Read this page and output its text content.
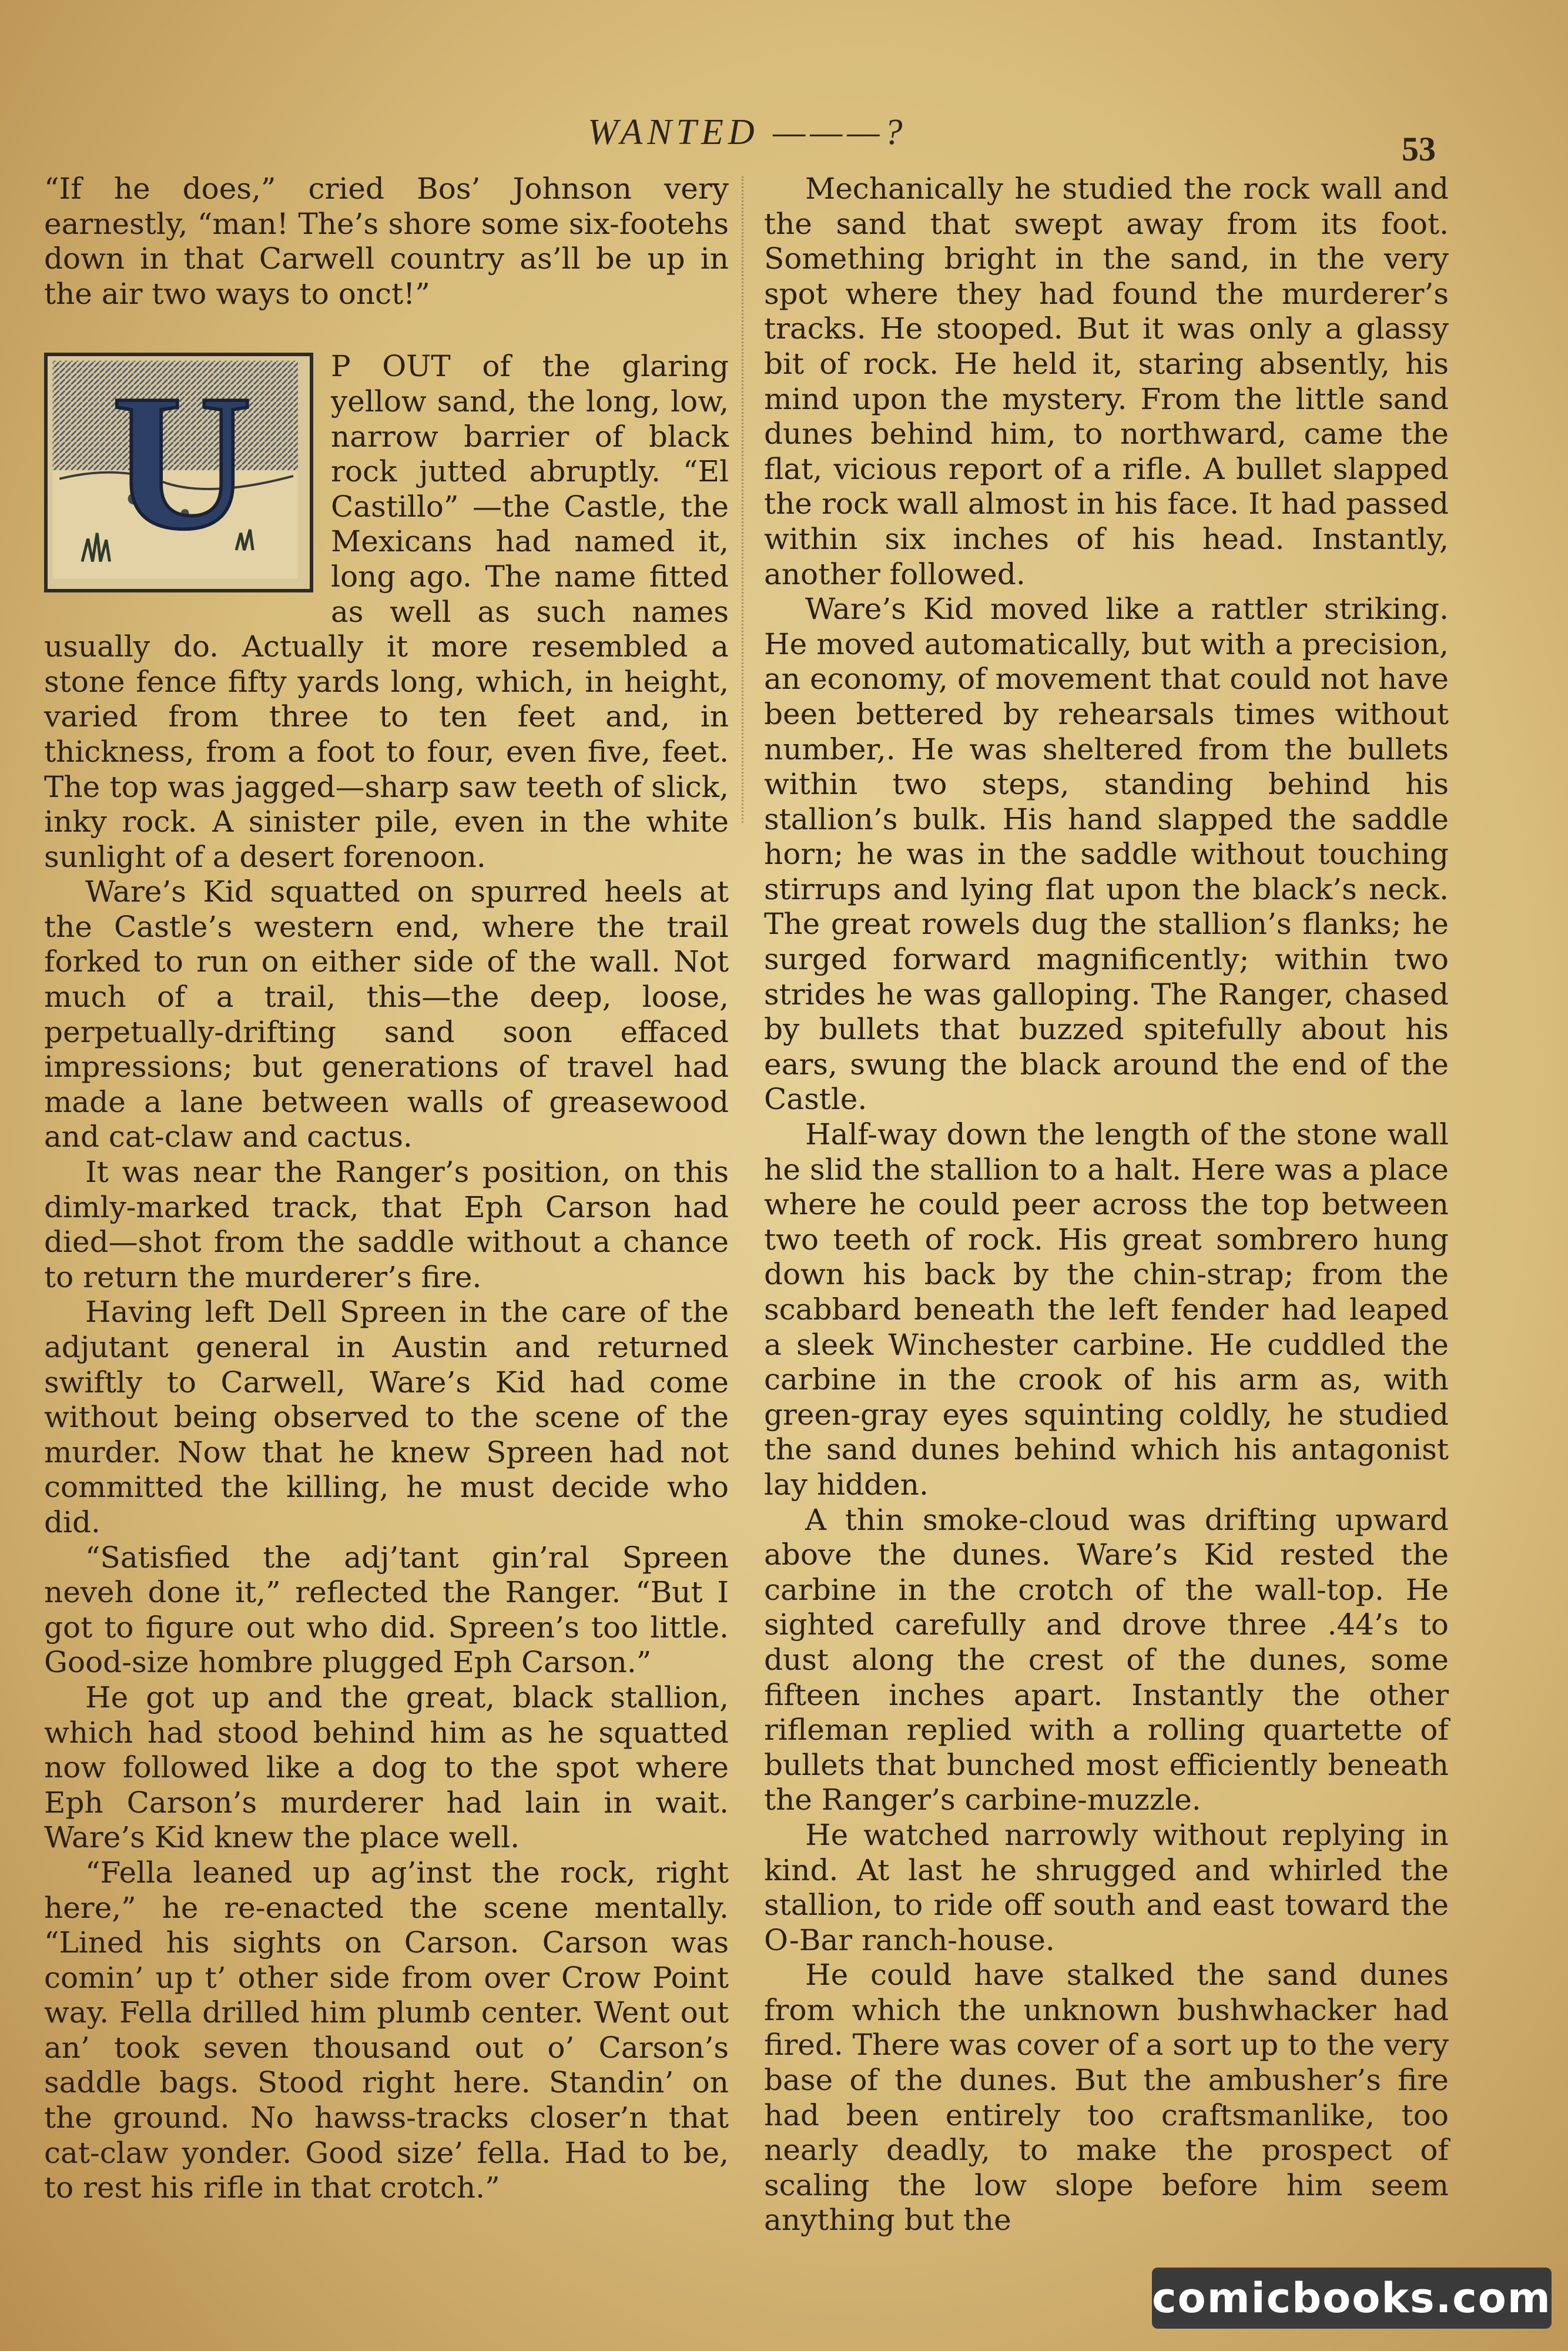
WANTED ———?	53

“If he does,” cried Bos’ Johnson very earnestly, “man! The’s shore some six-footehs down in that Carwell country as’ll be up in the air two ways to onct!”

U	P OUT of the glaring yellow sand, the long, low, narrow barrier of black rock jutted abruptly. “El Castillo” —the Castle, the Mexicans had named it, long ago. The name fitted as well as such names usually do. Actually it more resembled a stone fence fifty yards long, which, in height, varied from three to ten feet and, in thickness, from a foot to four, even five, feet. The top was jagged—sharp saw teeth of slick, inky rock. A sinister pile, even in the white sunlight of a desert forenoon.

Ware’s Kid squatted on spurred heels at the Castle’s western end, where the trail forked to run on either side of the wall. Not much of a trail, this—the deep, loose, perpetually-drifting sand soon effaced impressions; but generations of travel had made a lane between walls of greasewood and cat-claw and cactus.

It was near the Ranger’s position, on this dimly-marked track, that Eph Carson had died—shot from the saddle without a chance to return the murderer’s fire.

Having left Dell Spreen in the care of the adjutant general in Austin and returned swiftly to Carwell, Ware’s Kid had come without being observed to the scene of the murder. Now that he knew Spreen had not committed the killing, he must decide who did.

“Satisfied the adj’tant gin’ral Spreen neveh done it,” reflected the Ranger. “But I got to figure out who did. Spreen’s too little. Good-size hombre plugged Eph Carson.”

He got up and the great, black stallion, which had stood behind him as he squatted now followed like a dog to the spot where Eph Carson’s murderer had lain in wait. Ware’s Kid knew the place well.

“Fella leaned up ag’inst the rock, right here,” he re-enacted the scene mentally. “Lined his sights on Carson. Carson was comin’ up t’ other side from over Crow Point way. Fella drilled him plumb center. Went out an’ took seven thousand out o’ Carson’s saddle bags. Stood right here. Standin’ on the ground. No hawss-tracks closer’n that cat-claw yonder. Good size’ fella. Had to be, to rest his rifle in that crotch.”

Mechanically he studied the rock wall and the sand that swept away from its foot. Something bright in the sand, in the very spot where they had found the murderer’s tracks. He stooped. But it was only a glassy bit of rock. He held it, staring absently, his mind upon the mystery. From the little sand dunes behind him, to northward, came the flat, vicious report of a rifle. A bullet slapped the rock wall almost in his face. It had passed within six inches of his head. Instantly, another followed.

Ware’s Kid moved like a rattler striking. He moved automatically, but with a precision, an economy, of movement that could not have been bettered by rehearsals times without number,. He was sheltered from the bullets within two steps, standing behind his stallion’s bulk. His hand slapped the saddle horn; he was in the saddle without touching stirrups and lying flat upon the black’s neck. The great rowels dug the stallion’s flanks; he surged forward magnificently; within two strides he was galloping. The Ranger, chased by bullets that buzzed spitefully about his ears, swung the black around the end of the Castle.

Half-way down the length of the stone wall he slid the stallion to a halt. Here was a place where he could peer across the top between two teeth of rock. His great sombrero hung down his back by the chin-strap; from the scabbard beneath the left fender had leaped a sleek Winchester carbine. He cuddled the carbine in the crook of his arm as, with green-gray eyes squinting coldly, he studied the sand dunes behind which his antagonist lay hidden.

A thin smoke-cloud was drifting upward above the dunes. Ware’s Kid rested the carbine in the crotch of the wall-top. He sighted carefully and drove three .44’s to dust along the crest of the dunes, some fifteen inches apart. Instantly the other rifleman replied with a rolling quartette of bullets that bunched most efficiently beneath the Ranger’s carbine-muzzle.

He watched narrowly without replying in kind. At last he shrugged and whirled the stallion, to ride off south and east toward the O-Bar ranch-house.

He could have stalked the sand dunes from which the unknown bushwhacker had fired. There was cover of a sort up to the very base of the dunes. But the ambusher’s fire had been entirely too craftsmanlike, too nearly deadly, to make the prospect of scaling the low slope before him seem anything but the

comicbooks.com
